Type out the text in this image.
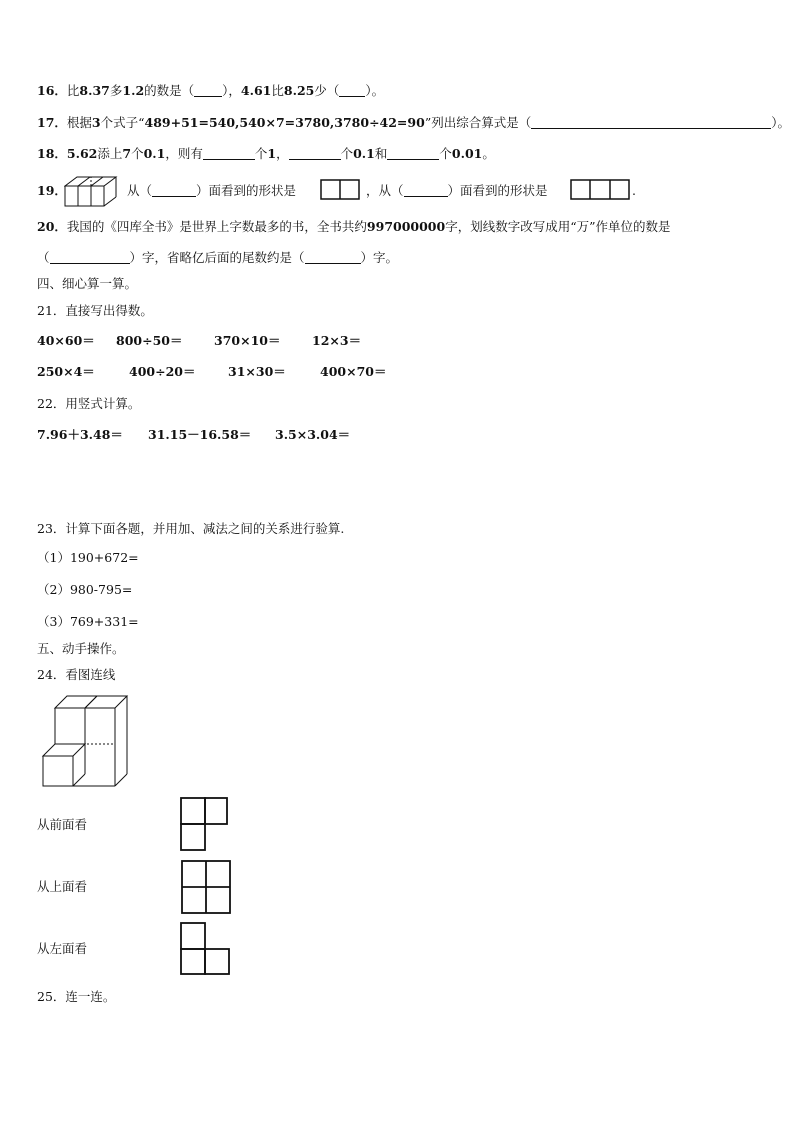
16．比8.37多1.2的数是（ ），4.61比8.25少（ ）。
17．根据3个式子“489+51=540,540×7=3780,3780÷42=90”列出综合算式是（	）。
18．5.62添上7个0.1，则有	个1，	个0.1和	个0.01。
19．	从（	）面看到的形状是	，从（	）面看到的形状是	.
20．我国的《四库全书》是世界上字数最多的书，全书共约997000000字，划线数字改写成用“万”作单位的数是
（	）字，省略亿后面的尾数约是（	）字。
四、细心算一算。
21．直接写出得数。
40×60＝ 800÷50＝	370×10＝	12×3＝
250×4＝	400÷20＝	31×30＝	400×70＝
22．用竖式计算。
7.96＋3.48＝ 31.15－16.58＝ 3.5×3.04＝
23．计算下面各题，并用加、减法之间的关系进行验算.
（1）190+672=
（2）980-795=
（3）769+331=
五、动手操作。
24．看图连线
从前面看
从上面看
从左面看
25．连一连。
